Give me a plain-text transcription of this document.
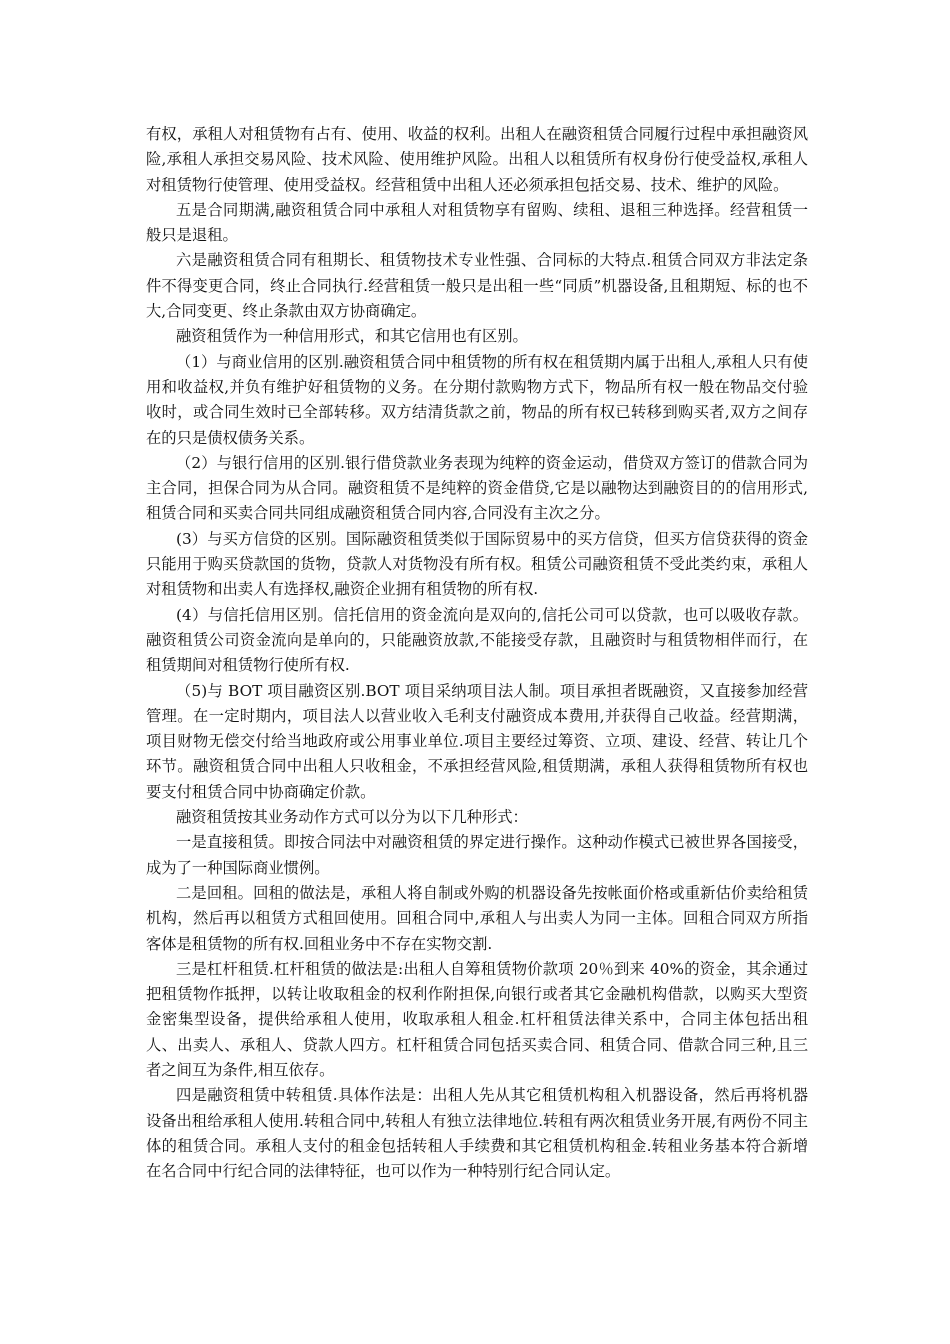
有权，承租人对租赁物有占有、使用、收益的权利。出租人在融资租赁合同履行过程中承担融资风险,承租人承担交易风险、技术风险、使用维护风险。出租人以租赁所有权身份行使受益权,承租人对租赁物行使管理、使用受益权。经营租赁中出租人还必须承担包括交易、技术、维护的风险。

五是合同期满,融资租赁合同中承租人对租赁物享有留购、续租、退租三种选择。经营租赁一般只是退租。

六是融资租赁合同有租期长、租赁物技术专业性强、合同标的大特点.租赁合同双方非法定条件不得变更合同，终止合同执行.经营租赁一般只是出租一些“同质”机器设备,且租期短、标的也不大,合同变更、终止条款由双方协商确定。

融资租赁作为一种信用形式，和其它信用也有区别。

（1）与商业信用的区别.融资租赁合同中租赁物的所有权在租赁期内属于出租人,承租人只有使用和收益权,并负有维护好租赁物的义务。在分期付款购物方式下，物品所有权一般在物品交付验收时，或合同生效时已全部转移。双方结清货款之前，物品的所有权已转移到购买者,双方之间存在的只是债权债务关系。

（2）与银行信用的区别.银行借贷款业务表现为纯粹的资金运动，借贷双方签订的借款合同为主合同，担保合同为从合同。融资租赁不是纯粹的资金借贷,它是以融物达到融资目的的信用形式,租赁合同和买卖合同共同组成融资租赁合同内容,合同没有主次之分。

(3）与买方信贷的区别。国际融资租赁类似于国际贸易中的买方信贷，但买方信贷获得的资金只能用于购买贷款国的货物，贷款人对货物没有所有权。租赁公司融资租赁不受此类约束，承租人对租赁物和出卖人有选择权,融资企业拥有租赁物的所有权.

(4）与信托信用区别。信托信用的资金流向是双向的,信托公司可以贷款，也可以吸收存款。融资租赁公司资金流向是单向的，只能融资放款,不能接受存款，且融资时与租赁物相伴而行，在租赁期间对租赁物行使所有权.

（5)与 BOT 项目融资区别.BOT 项目采纳项目法人制。项目承担者既融资，又直接参加经营管理。在一定时期内，项目法人以营业收入毛利支付融资成本费用,并获得自己收益。经营期满，项目财物无偿交付给当地政府或公用事业单位.项目主要经过筹资、立项、建设、经营、转让几个环节。融资租赁合同中出租人只收租金，不承担经营风险,租赁期满，承租人获得租赁物所有权也要支付租赁合同中协商确定价款。

融资租赁按其业务动作方式可以分为以下几种形式：

一是直接租赁。即按合同法中对融资租赁的界定进行操作。这种动作模式已被世界各国接受，成为了一种国际商业惯例。

二是回租。回租的做法是，承租人将自制或外购的机器设备先按帐面价格或重新估价卖给租赁机构，然后再以租赁方式租回使用。回租合同中,承租人与出卖人为同一主体。回租合同双方所指客体是租赁物的所有权.回租业务中不存在实物交割.

三是杠杆租赁.杠杆租赁的做法是:出租人自筹租赁物价款项 20％到来 40%的资金，其余通过把租赁物作抵押，以转让收取租金的权利作附担保,向银行或者其它金融机构借款，以购买大型资金密集型设备，提供给承租人使用，收取承租人租金.杠杆租赁法律关系中，合同主体包括出租人、出卖人、承租人、贷款人四方。杠杆租赁合同包括买卖合同、租赁合同、借款合同三种,且三者之间互为条件,相互依存。

四是融资租赁中转租赁.具体作法是：出租人先从其它租赁机构租入机器设备，然后再将机器设备出租给承租人使用.转租合同中,转租人有独立法律地位.转租有两次租赁业务开展,有两份不同主体的租赁合同。承租人支付的租金包括转租人手续费和其它租赁机构租金.转租业务基本符合新增在名合同中行纪合同的法律特征，也可以作为一种特别行纪合同认定。
